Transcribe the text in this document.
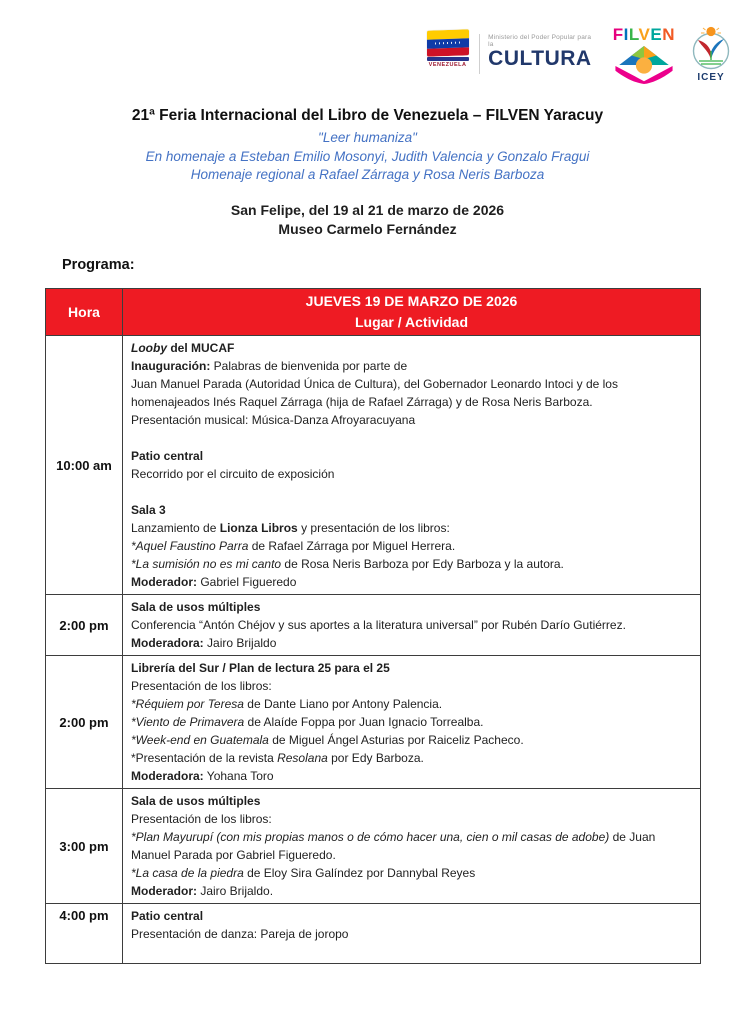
VENEZUELA
Ministerio del Poder Popular para la
CULTURA
FILVEN
ICEY
21ª Feria Internacional del Libro de Venezuela – FILVEN Yaracuy
"Leer humaniza"
En homenaje a Esteban Emilio Mosonyi, Judith Valencia y Gonzalo Fragui
Homenaje regional a Rafael Zárraga y Rosa Neris Barboza
San Felipe, del 19 al 21 de marzo de 2026
Museo Carmelo Fernández
Programa:
Hora
JUEVES 19 DE MARZO DE 2026
Lugar / Actividad
10:00 am
Looby del MUCAF
Inauguración: Palabras de bienvenida por parte de
Juan Manuel Parada (Autoridad Única de Cultura), del Gobernador Leonardo Intoci y de los homenajeados Inés Raquel Zárraga (hija de Rafael Zárraga) y de Rosa Neris Barboza.
Presentación musical: Música-Danza Afroyaracuyana
Patio central
Recorrido por el circuito de exposición
Sala 3
Lanzamiento de Lionza Libros y presentación de los libros:
*Aquel Faustino Parra de Rafael Zárraga por Miguel Herrera.
*La sumisión no es mi canto de Rosa Neris Barboza por Edy Barboza y la autora.
Moderador: Gabriel Figueredo
2:00 pm
Sala de usos múltiples
Conferencia “Antón Chéjov y sus aportes a la literatura universal” por Rubén Darío Gutiérrez.
Moderadora: Jairo Brijaldo
2:00 pm
Librería del Sur / Plan de lectura 25 para el 25
Presentación de los libros:
*Réquiem por Teresa de Dante Liano por Antony Palencia.
*Viento de Primavera de Alaíde Foppa por Juan Ignacio Torrealba.
*Week-end en Guatemala de Miguel Ángel Asturias por Raiceliz Pacheco.
*Presentación de la revista Resolana por Edy Barboza.
Moderadora: Yohana Toro
3:00 pm
Sala de usos múltiples
Presentación de los libros:
*Plan Mayurupí (con mis propias manos o de cómo hacer una, cien o mil casas de adobe) de Juan Manuel Parada por Gabriel Figueredo.
*La casa de la piedra de Eloy Sira Galíndez por Dannybal Reyes
Moderador: Jairo Brijaldo.
4:00 pm	Patio central
Presentación de danza: Pareja de joropo
